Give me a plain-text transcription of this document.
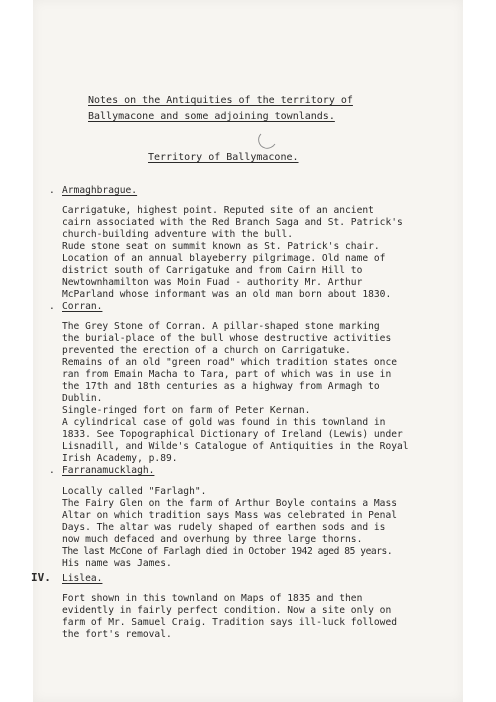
Notes on the Antiquities of the territory of
Ballymacone and some adjoining townlands.
Territory of Ballymacone.
. Armaghbrague.
Carrigatuke, highest point. Reputed site of an ancient
cairn associated with the Red Branch Saga and St. Patrick's
church-building adventure with the bull.
Rude stone seat on summit known as St. Patrick's chair.
Location of an annual blayeberry pilgrimage. Old name of
district south of Carrigatuke and from Cairn Hill to
Newtownhamilton was Moin Fuad - authority Mr. Arthur
McParland whose informant was an old man born about 1830.
. Corran.
The Grey Stone of Corran. A pillar-shaped stone marking
the burial-place of the bull whose destructive activities
prevented the erection of a church on Carrigatuke.
Remains of an old "green road" which tradition states once
ran from Emain Macha to Tara, part of which was in use in
the 17th and 18th centuries as a highway from Armagh to
Dublin.
Single-ringed fort on farm of Peter Kernan.
A cylindrical case of gold was found in this townland in
1833. See Topographical Dictionary of Ireland (Lewis) under
Lisnadill, and Wilde's Catalogue of Antiquities in the Royal
Irish Academy, p.89.
. Farranamucklagh.
Locally called "Farlagh".
The Fairy Glen on the farm of Arthur Boyle contains a Mass
Altar on which tradition says Mass was celebrated in Penal
Days. The altar was rudely shaped of earthen sods and is
now much defaced and overhung by three large thorns.
The last McCone of Farlagh died in October 1942 aged 85 years.
His name was James.
IV. Lislea.
Fort shown in this townland on Maps of 1835 and then
evidently in fairly perfect condition. Now a site only on
farm of Mr. Samuel Craig. Tradition says ill-luck followed
the fort's removal.
